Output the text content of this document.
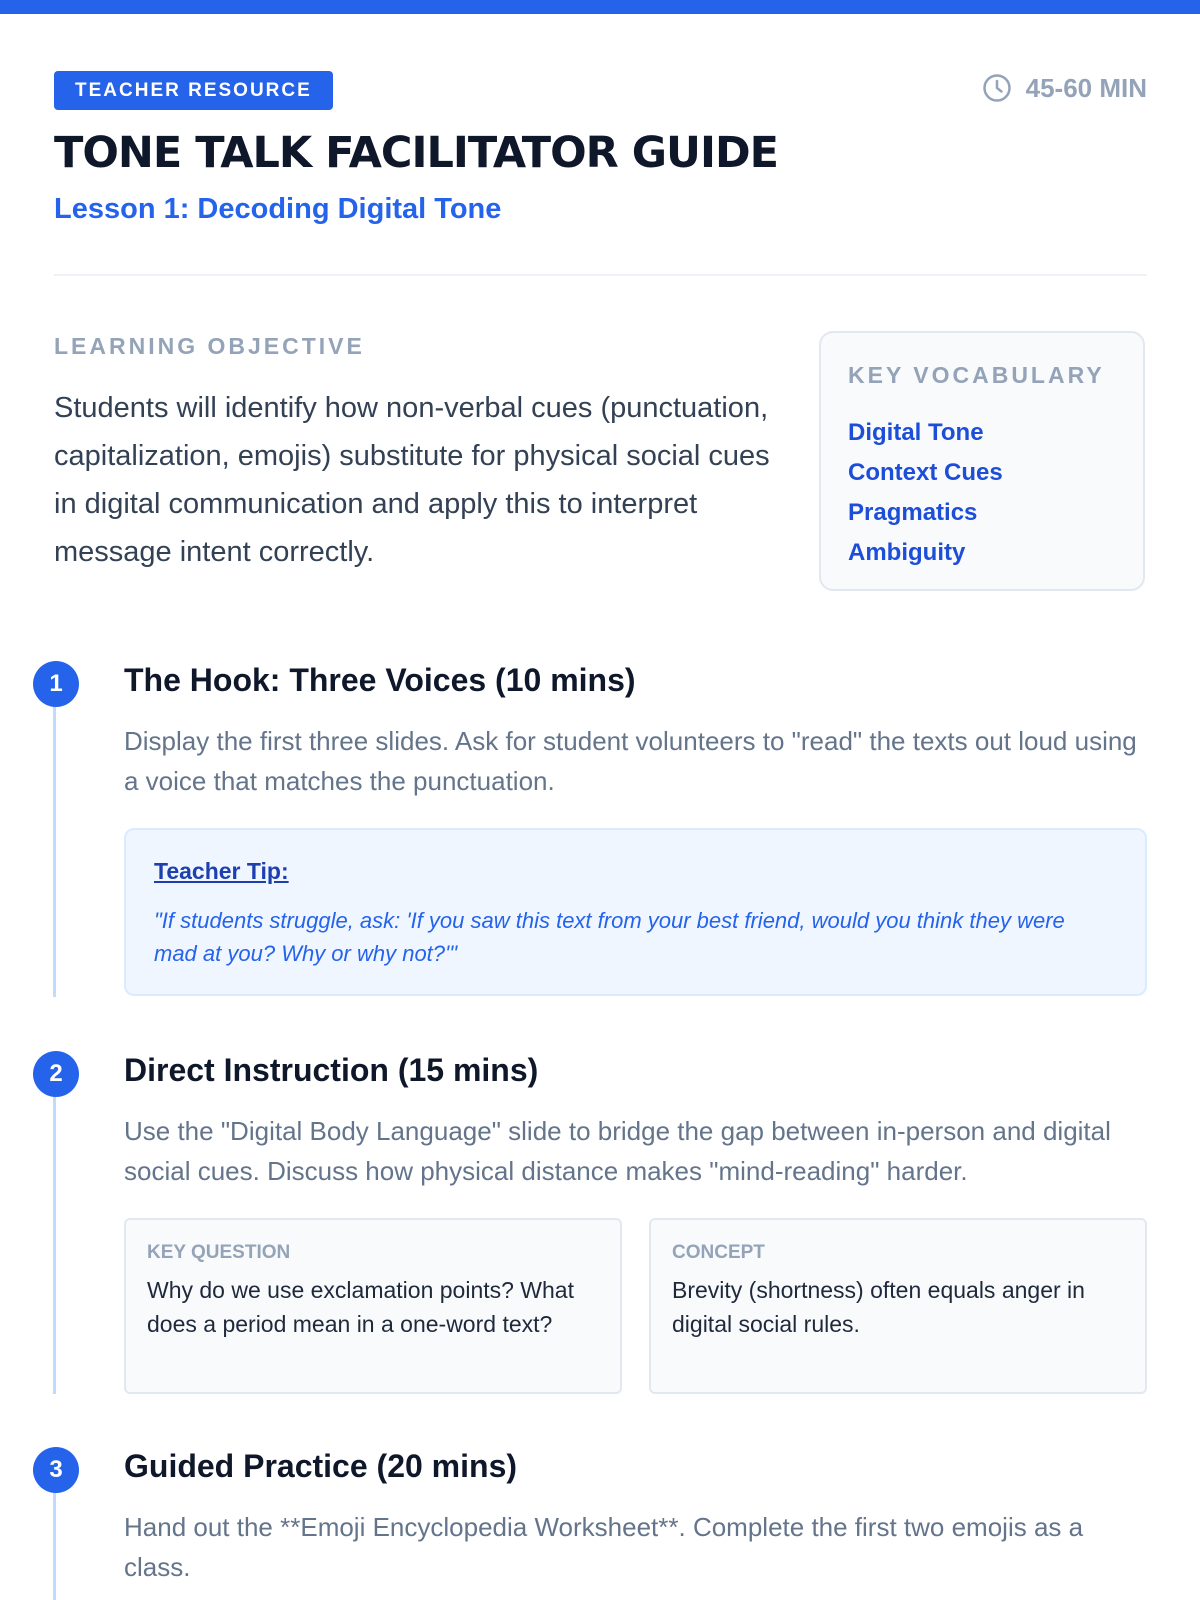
TEACHER RESOURCE	45-60 MIN
TONE TALK FACILITATOR GUIDE
Lesson 1: Decoding Digital Tone
LEARNING OBJECTIVE

Students will identify how non-verbal cues (punctuation, capitalization, emojis) substitute for physical social cues in digital communication and apply this to interpret message intent correctly.

KEY VOCABULARY
Digital Tone
Context Cues
Pragmatics
Ambiguity
1	The Hook: Three Voices (10 mins)

Display the first three slides. Ask for student volunteers to "read" the texts out loud using a voice that matches the punctuation.

Teacher Tip:

"If students struggle, ask: 'If you saw this text from your best friend, would you think they were mad at you? Why or why not?'"

2	Direct Instruction (15 mins)

Use the "Digital Body Language" slide to bridge the gap between in-person and digital social cues. Discuss how physical distance makes "mind-reading" harder.

KEY QUESTION

Why do we use exclamation points? What does a period mean in a one-word text?

CONCEPT

Brevity (shortness) often equals anger in digital social rules.

3	Guided Practice (20 mins)

Hand out the **Emoji Encyclopedia Worksheet**. Complete the first two emojis as a class.
